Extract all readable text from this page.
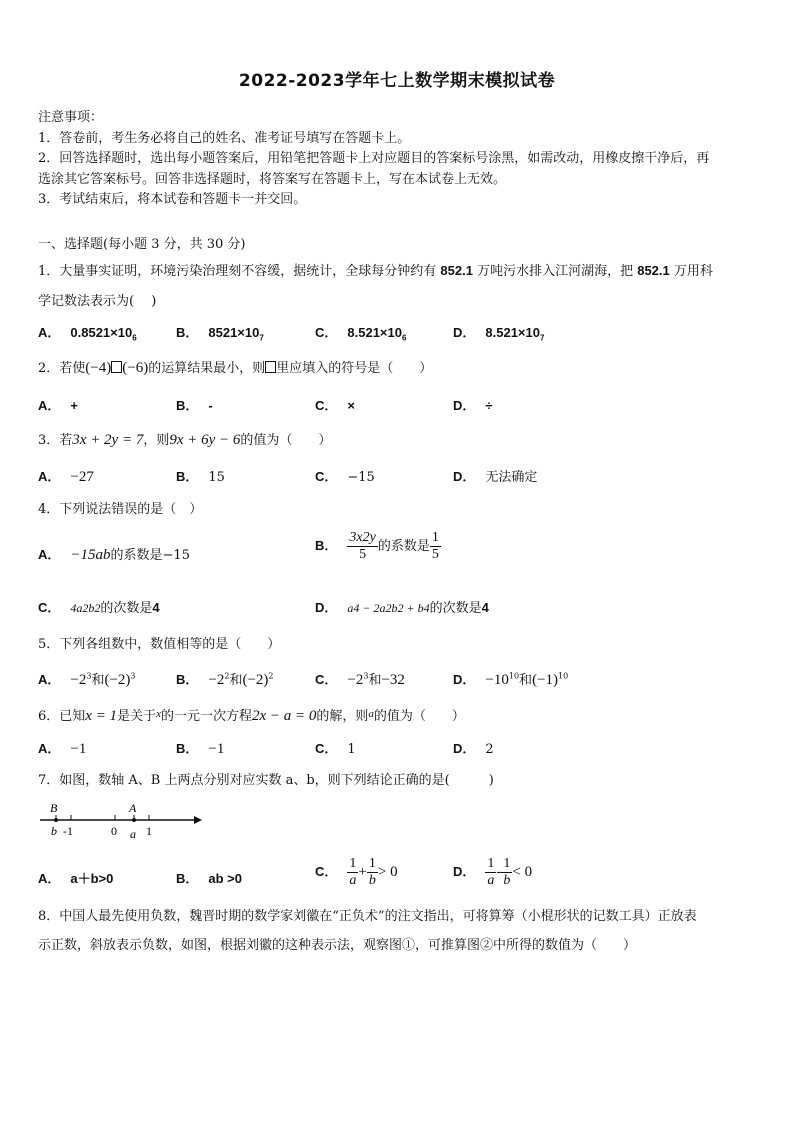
2022-2023学年七上数学期末模拟试卷
注意事项：
1．答卷前，考生务必将自己的姓名、准考证号填写在答题卡上。
2．回答选择题时，选出每小题答案后，用铅笔把答题卡上对应题目的答案标号涂黑，如需改动，用橡皮擦干净后，再
选涂其它答案标号。回答非选择题时，将答案写在答题卡上，写在本试卷上无效。
3．考试结束后，将本试卷和答题卡一并交回。
一、选择题(每小题 3 分，共 30 分)
1．大量事实证明，环境污染治理刻不容缓，据统计，全球每分钟约有 852.1 万吨污水排入江河湖海，把 852.1 万用科
学记数法表示为(　 )
A． $0.8521\times 10_6$	B． $8521\times 10_7$	C． $8.521\times 10_6$	D． $8.521\times 10_7$
2．若使(−4) (−6)的运算结果最小，则 里应填入的符号是（　　）
A． +	B． -	C． ×	D． ÷
3．若3x + 2y = 7，则9x + 6y − 6的值为（　　）
A． −27	B． 15	C． −15	D． 无法确定
4．下列说法错误的是（　）
A． −15ab的系数是−15
B． $\frac{3x2y}{5}$ 的系数是 $\frac{1}{5}$
C． 4a2b2的次数是4	D． a4 − 2a2b2 + b4的次数是4
5．下列各组数中，数值相等的是（　　）
A． $-2^3$和$(-2)^3$	B． $-2^2$和$(-2)^2$	C． $-2^3$和−32	D． $-10^{10}$和$(-1)^{10}$
6．已知x = 1是关于$^x$的一元一次方程2x − a = 0的解，则$^a$的值为（　　）
A． −1	B． −1	C． 1	D． 2
7．如图，数轴 A、B 上两点分别对应实数 a、b，则下列结论正确的是(　　　)
B	A
b -1	0 a 1
A． a＋b>0	B． ab >0	C． $\frac{1}{a} + \frac{1}{b} > 0$	D． $\frac{1}{a} - \frac{1}{b} < 0$
8．中国人最先使用负数，魏晋时期的数学家刘徽在“正负术”的注文指出，可将算筹（小棍形状的记数工具）正放表
示正数，斜放表示负数，如图，根据刘徽的这种表示法，观察图①，可推算图②中所得的数值为（　　）
